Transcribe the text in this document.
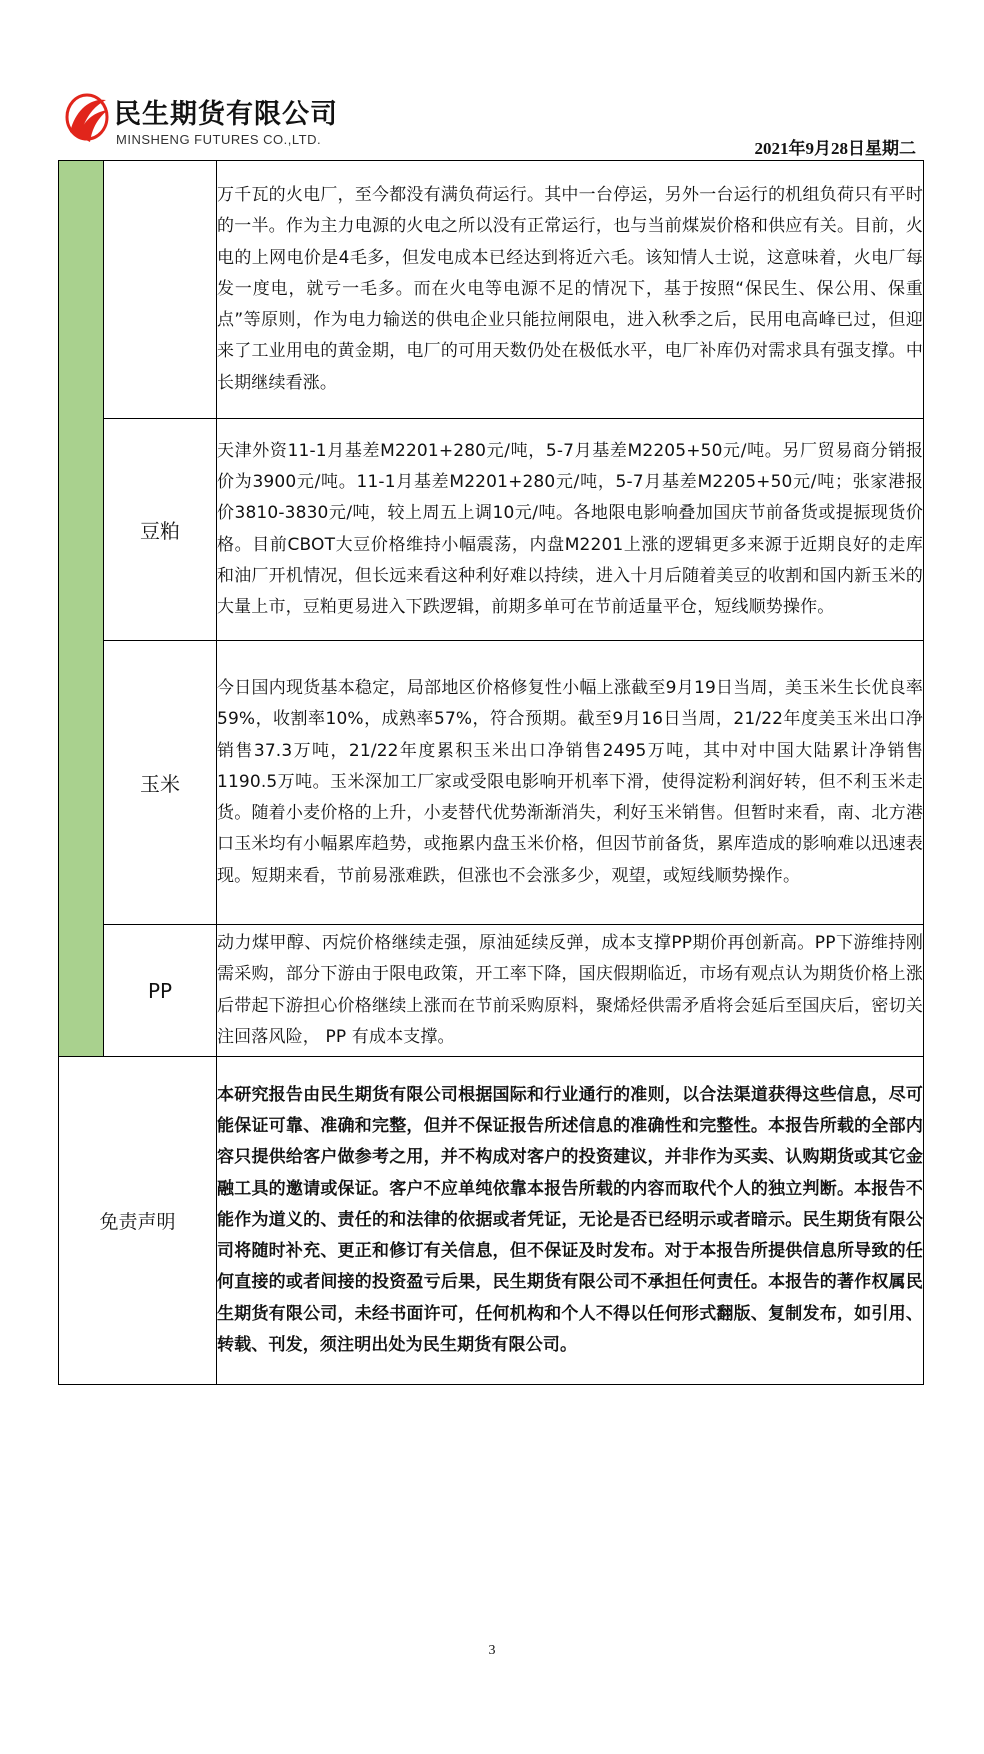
民生期货有限公司
MINSHENG FUTURES CO.,LTD.	2021年9月28日星期二
		万千瓦的火电厂，至今都没有满负荷运行。其中一台停运，另外一台运行的机组负荷只有平时的一半。作为主力电源的火电之所以没有正常运行，也与当前煤炭价格和供应有关。目前，火电的上网电价是4毛多，但发电成本已经达到将近六毛。该知情人士说，这意味着，火电厂每发一度电，就亏一毛多。而在火电等电源不足的情况下，基于按照“保民生、保公用、保重点”等原则，作为电力输送的供电企业只能拉闸限电，进入秋季之后，民用电高峰已过，但迎来了工业用电的黄金期，电厂的可用天数仍处在极低水平，电厂补库仍对需求具有强支撑。中长期继续看涨。
	豆粕	天津外资11-1月基差M2201+280元/吨，5-7月基差M2205+50元/吨。另厂贸易商分销报价为3900元/吨。11-1月基差M2201+280元/吨，5-7月基差M2205+50元/吨；张家港报价3810-3830元/吨，较上周五上调10元/吨。各地限电影响叠加国庆节前备货或提振现货价格。目前CBOT大豆价格维持小幅震荡，内盘M2201上涨的逻辑更多来源于近期良好的走库和油厂开机情况，但长远来看这种利好难以持续，进入十月后随着美豆的收割和国内新玉米的大量上市，豆粕更易进入下跌逻辑，前期多单可在节前适量平仓，短线顺势操作。
	玉米	今日国内现货基本稳定，局部地区价格修复性小幅上涨截至9月19日当周，美玉米生长优良率59%，收割率10%，成熟率57%，符合预期。截至9月16日当周，21/22年度美玉米出口净销售37.3万吨，21/22年度累积玉米出口净销售2495万吨，其中对中国大陆累计净销售1190.5万吨。玉米深加工厂家或受限电影响开机率下滑，使得淀粉利润好转，但不利玉米走货。随着小麦价格的上升，小麦替代优势渐渐消失，利好玉米销售。但暂时来看，南、北方港口玉米均有小幅累库趋势，或拖累内盘玉米价格，但因节前备货，累库造成的影响难以迅速表现。短期来看，节前易涨难跌，但涨也不会涨多少，观望，或短线顺势操作。
	PP	动力煤甲醇、丙烷价格继续走强，原油延续反弹，成本支撑PP期价再创新高。PP下游维持刚需采购，部分下游由于限电政策，开工率下降，国庆假期临近，市场有观点认为期货价格上涨后带起下游担心价格继续上涨而在节前采购原料，聚烯烃供需矛盾将会延后至国庆后，密切关注回落风险， PP 有成本支撑。
免责声明		本研究报告由民生期货有限公司根据国际和行业通行的准则，以合法渠道获得这些信息，尽可能保证可靠、准确和完整，但并不保证报告所述信息的准确性和完整性。本报告所载的全部内容只提供给客户做参考之用，并不构成对客户的投资建议，并非作为买卖、认购期货或其它金融工具的邀请或保证。客户不应单纯依靠本报告所载的内容而取代个人的独立判断。本报告不能作为道义的、责任的和法律的依据或者凭证，无论是否已经明示或者暗示。民生期货有限公司将随时补充、更正和修订有关信息，但不保证及时发布。对于本报告所提供信息所导致的任何直接的或者间接的投资盈亏后果，民生期货有限公司不承担任何责任。本报告的著作权属民生期货有限公司，未经书面许可，任何机构和个人不得以任何形式翻版、复制发布，如引用、转载、刊发，须注明出处为民生期货有限公司。
3
